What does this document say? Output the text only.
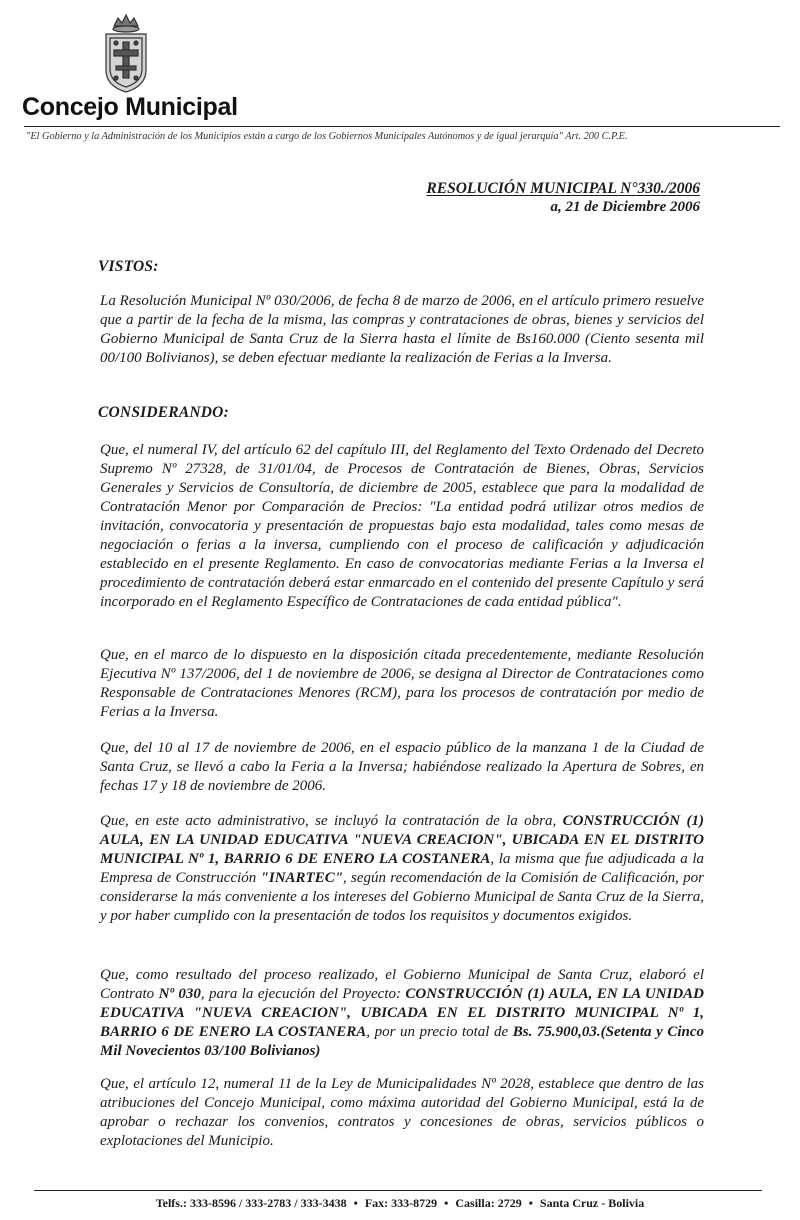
Concejo Municipal
"El Gobierno y la Administración de los Municipios están a cargo de los Gobiernos Municipales Autónomos y de igual jerarquía" Art. 200 C.P.E.
RESOLUCIÓN MUNICIPAL N°330./2006
a, 21 de Diciembre 2006
VISTOS:

La Resolución Municipal Nº 030/2006, de fecha 8 de marzo de 2006, en el artículo primero resuelve que a partir de la fecha de la misma, las compras y contrataciones de obras, bienes y servicios del Gobierno Municipal de Santa Cruz de la Sierra hasta el límite de Bs160.000 (Ciento sesenta mil 00/100 Bolivianos), se deben efectuar mediante la realización de Ferias a la Inversa.

CONSIDERANDO:

Que, el numeral IV, del artículo 62 del capítulo III, del Reglamento del Texto Ordenado del Decreto Supremo Nº 27328, de 31/01/04, de Procesos de Contratación de Bienes, Obras, Servicios Generales y Servicios de Consultoría, de diciembre de 2005, establece que para la modalidad de Contratación Menor por Comparación de Precios: "La entidad podrá utilizar otros medios de invitación, convocatoria y presentación de propuestas bajo esta modalidad, tales como mesas de negociación o ferias a la inversa, cumpliendo con el proceso de calificación y adjudicación establecido en el presente Reglamento. En caso de convocatorias mediante Ferias a la Inversa el procedimiento de contratación deberá estar enmarcado en el contenido del presente Capítulo y será incorporado en el Reglamento Específico de Contrataciones de cada entidad pública".

Que, en el marco de lo dispuesto en la disposición citada precedentemente, mediante Resolución Ejecutiva Nº 137/2006, del 1 de noviembre de 2006, se designa al Director de Contrataciones como Responsable de Contrataciones Menores (RCM), para los procesos de contratación por medio de Ferias a la Inversa.

Que, del 10 al 17 de noviembre de 2006, en el espacio público de la manzana 1 de la Ciudad de Santa Cruz, se llevó a cabo la Feria a la Inversa; habiéndose realizado la Apertura de Sobres, en fechas 17 y 18 de noviembre de 2006.

Que, en este acto administrativo, se incluyó la contratación de la obra, CONSTRUCCIÓN (1) AULA, EN LA UNIDAD EDUCATIVA "NUEVA CREACION", UBICADA EN EL DISTRITO MUNICIPAL Nº 1, BARRIO 6 DE ENERO LA COSTANERA, la misma que fue adjudicada a la Empresa de Construcción "INARTEC", según recomendación de la Comisión de Calificación, por considerarse la más conveniente a los intereses del Gobierno Municipal de Santa Cruz de la Sierra, y por haber cumplido con la presentación de todos los requisitos y documentos exigidos.

Que, como resultado del proceso realizado, el Gobierno Municipal de Santa Cruz, elaboró el Contrato Nº 030, para la ejecución del Proyecto: CONSTRUCCIÓN (1) AULA, EN LA UNIDAD EDUCATIVA "NUEVA CREACION", UBICADA EN EL DISTRITO MUNICIPAL Nº 1, BARRIO 6 DE ENERO LA COSTANERA, por un precio total de Bs. 75.900,03.(Setenta y Cinco Mil Novecientos 03/100 Bolivianos)

Que, el artículo 12, numeral 11 de la Ley de Municipalidades Nº 2028, establece que dentro de las atribuciones del Concejo Municipal, como máxima autoridad del Gobierno Municipal, está la de aprobar o rechazar los convenios, contratos y concesiones de obras, servicios públicos o explotaciones del Municipio.

Telfs.: 333-8596 / 333-2783 / 333-3438 • Fax: 333-8729 • Casilla: 2729 • Santa Cruz - Bolivia
